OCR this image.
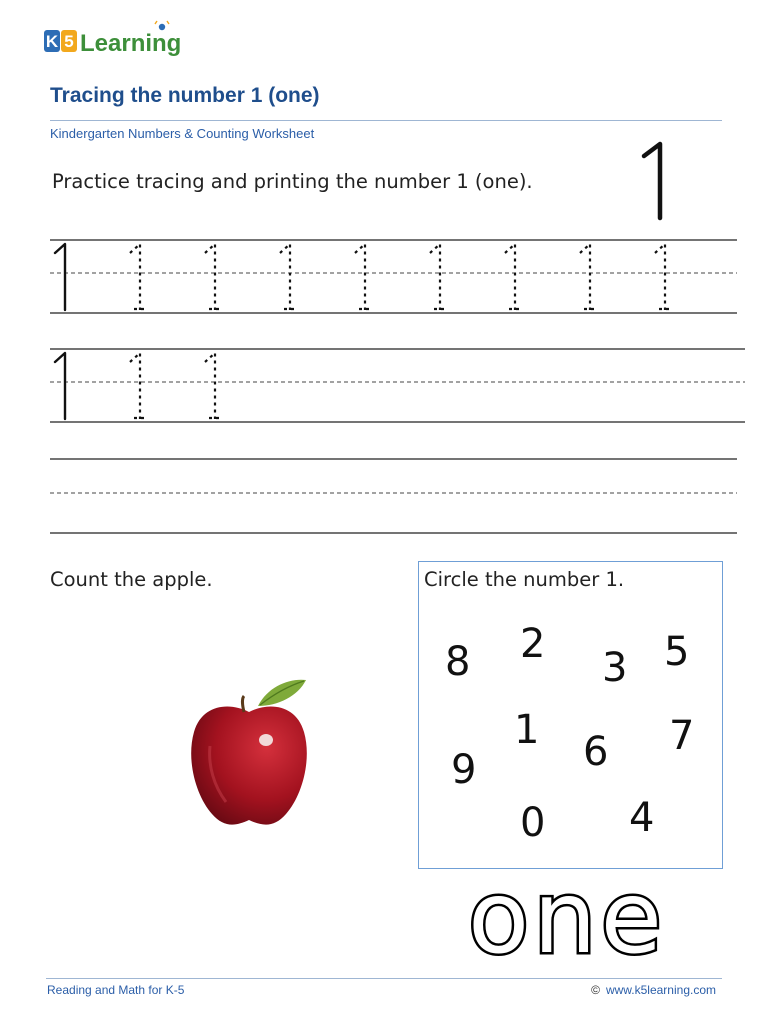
K 5 Learning
Tracing the number 1 (one)
Kindergarten Numbers & Counting Worksheet
Practice tracing and printing the number 1 (one).
Count the apple.	Circle the number 1.
8 2
3 5
1
9	6 7
0 4
one
Reading and Math for K-5	© www.k5learning.com
